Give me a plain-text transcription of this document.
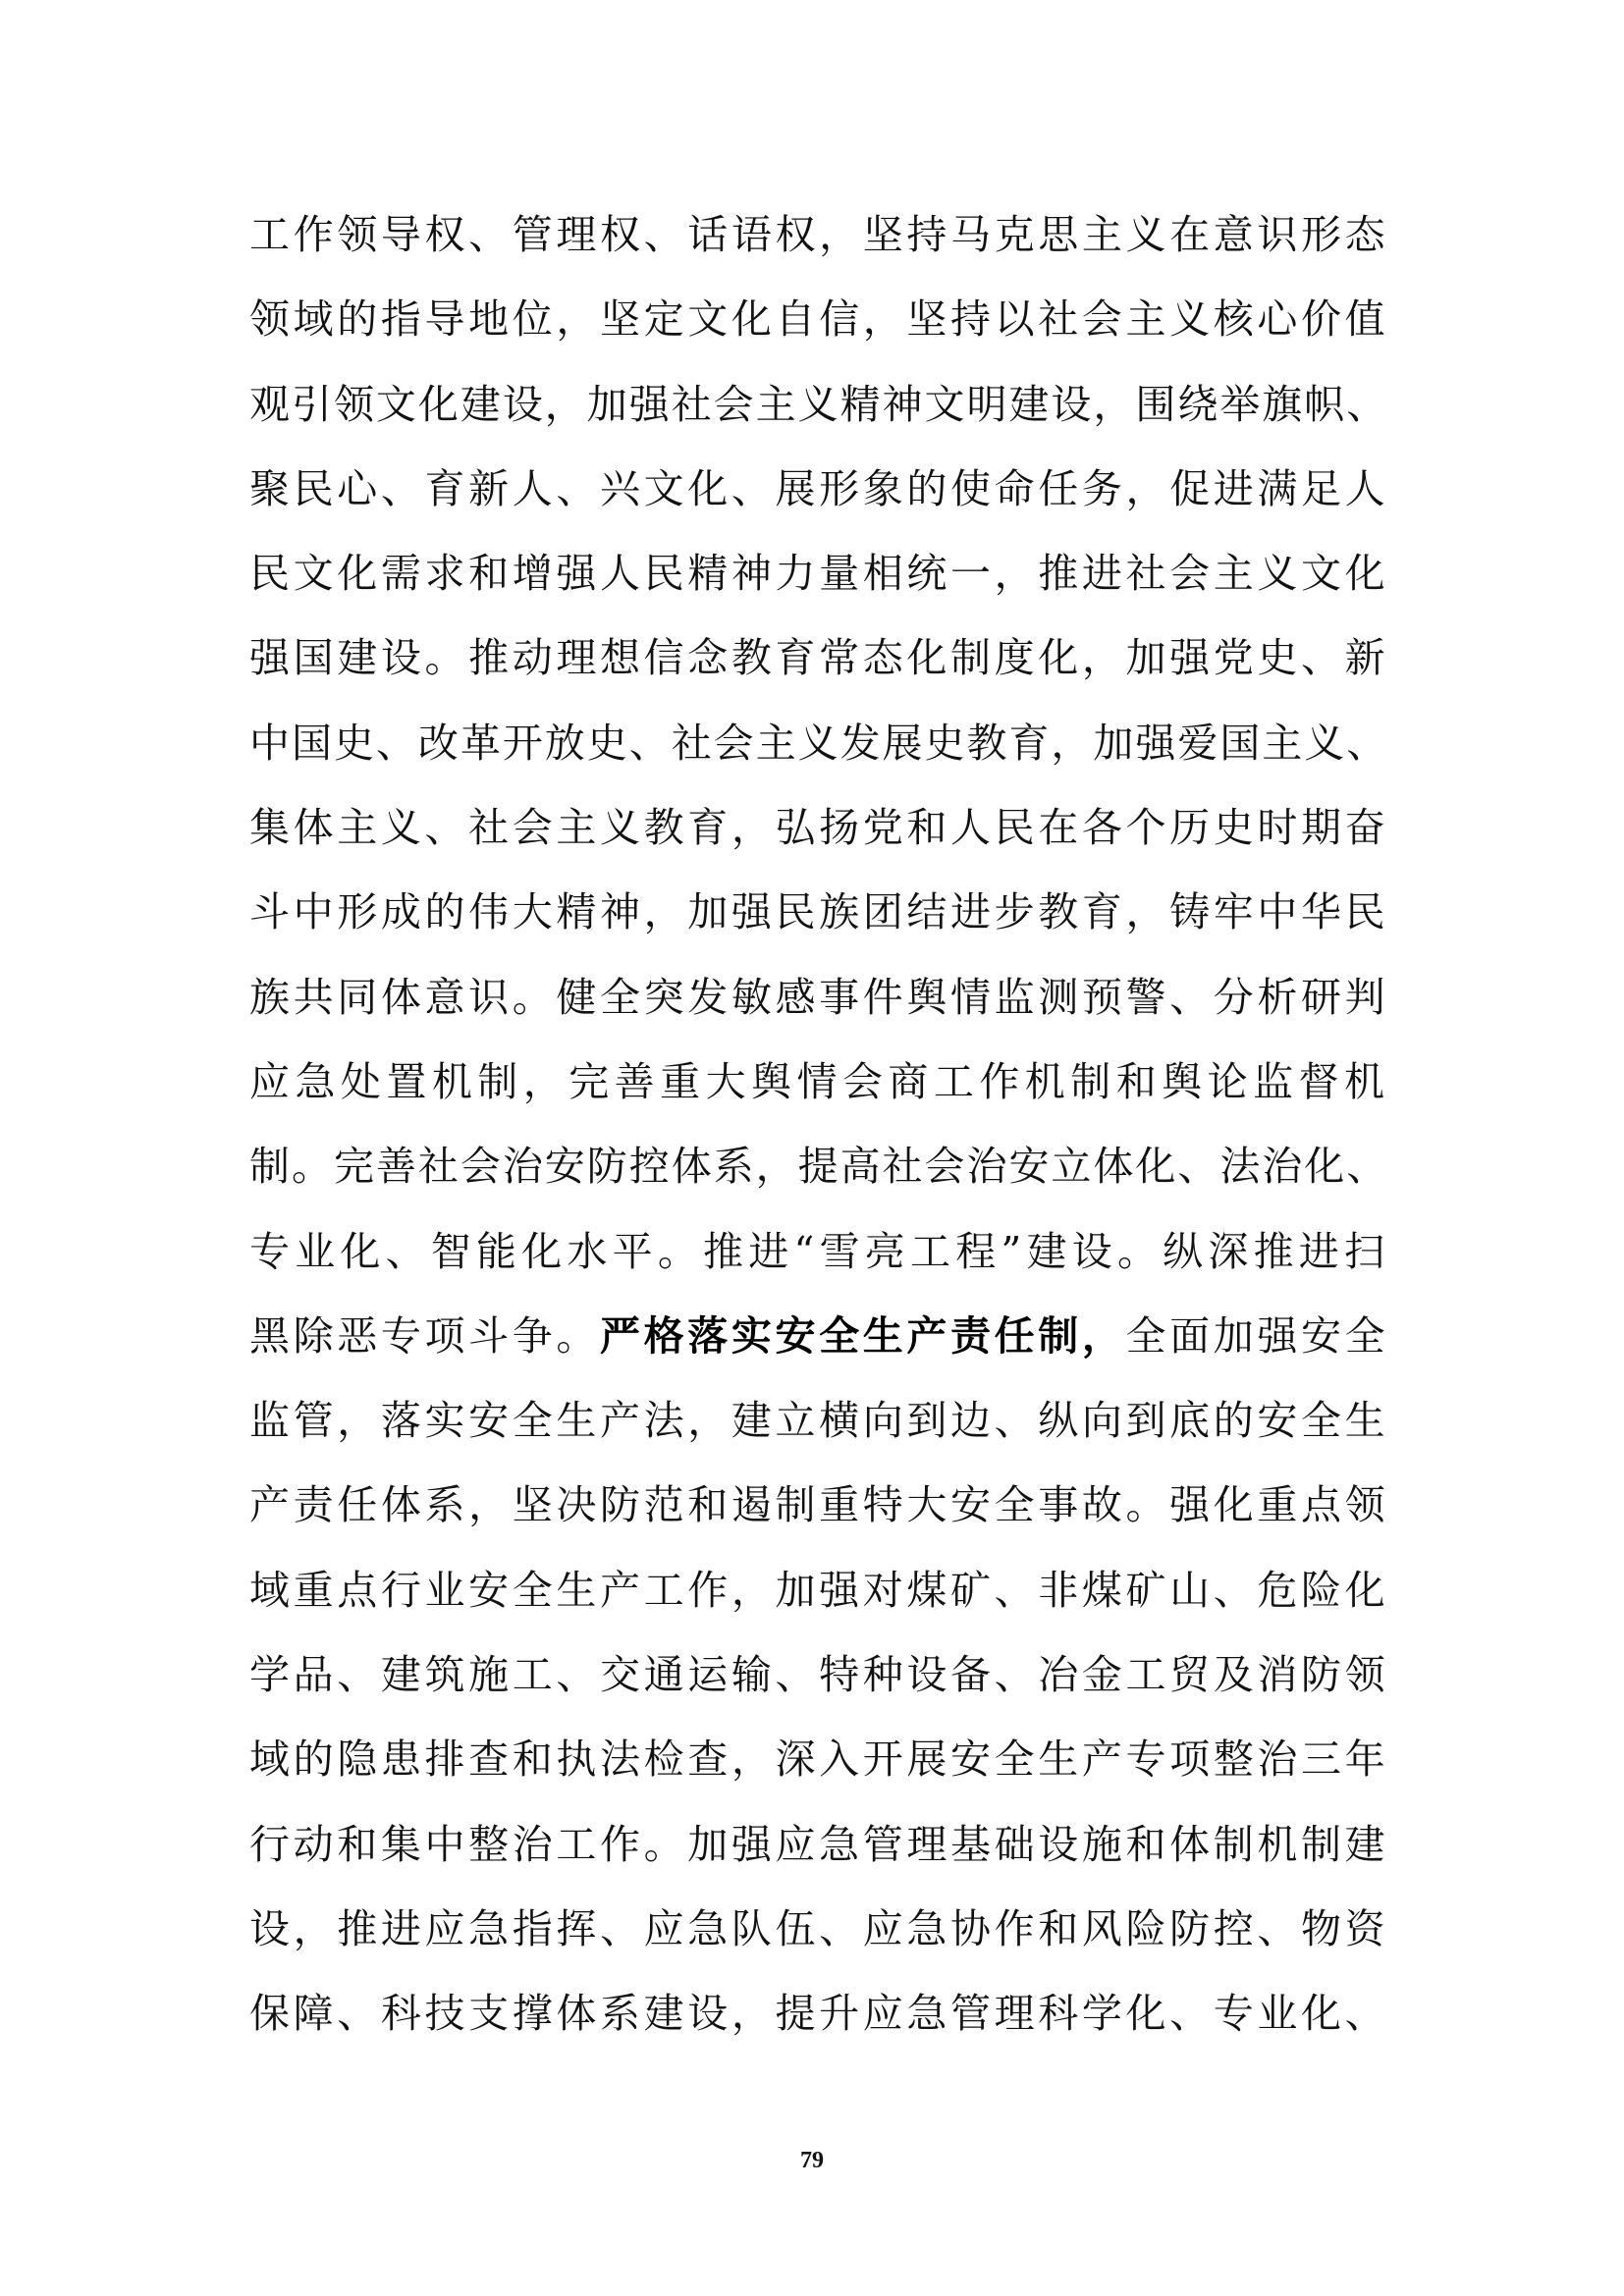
工作领导权、管理权、话语权，坚持马克思主义在意识形态
领域的指导地位，坚定文化自信，坚持以社会主义核心价值
观引领文化建设，加强社会主义精神文明建设，围绕举旗帜、
聚民心、育新人、兴文化、展形象的使命任务，促进满足人
民文化需求和增强人民精神力量相统一，推进社会主义文化
强国建设。推动理想信念教育常态化制度化，加强党史、新
中国史、改革开放史、社会主义发展史教育，加强爱国主义、
集体主义、社会主义教育，弘扬党和人民在各个历史时期奋
斗中形成的伟大精神，加强民族团结进步教育，铸牢中华民
族共同体意识。健全突发敏感事件舆情监测预警、分析研判
应急处置机制，完善重大舆情会商工作机制和舆论监督机
制。完善社会治安防控体系，提高社会治安立体化、法治化、
专业化、智能化水平。推进“雪亮工程”建设。纵深推进扫
黑除恶专项斗争。严格落实安全生产责任制，全面加强安全
监管，落实安全生产法，建立横向到边、纵向到底的安全生
产责任体系，坚决防范和遏制重特大安全事故。强化重点领
域重点行业安全生产工作，加强对煤矿、非煤矿山、危险化
学品、建筑施工、交通运输、特种设备、冶金工贸及消防领
域的隐患排查和执法检查，深入开展安全生产专项整治三年
行动和集中整治工作。加强应急管理基础设施和体制机制建
设，推进应急指挥、应急队伍、应急协作和风险防控、物资
保障、科技支撑体系建设，提升应急管理科学化、专业化、
79
